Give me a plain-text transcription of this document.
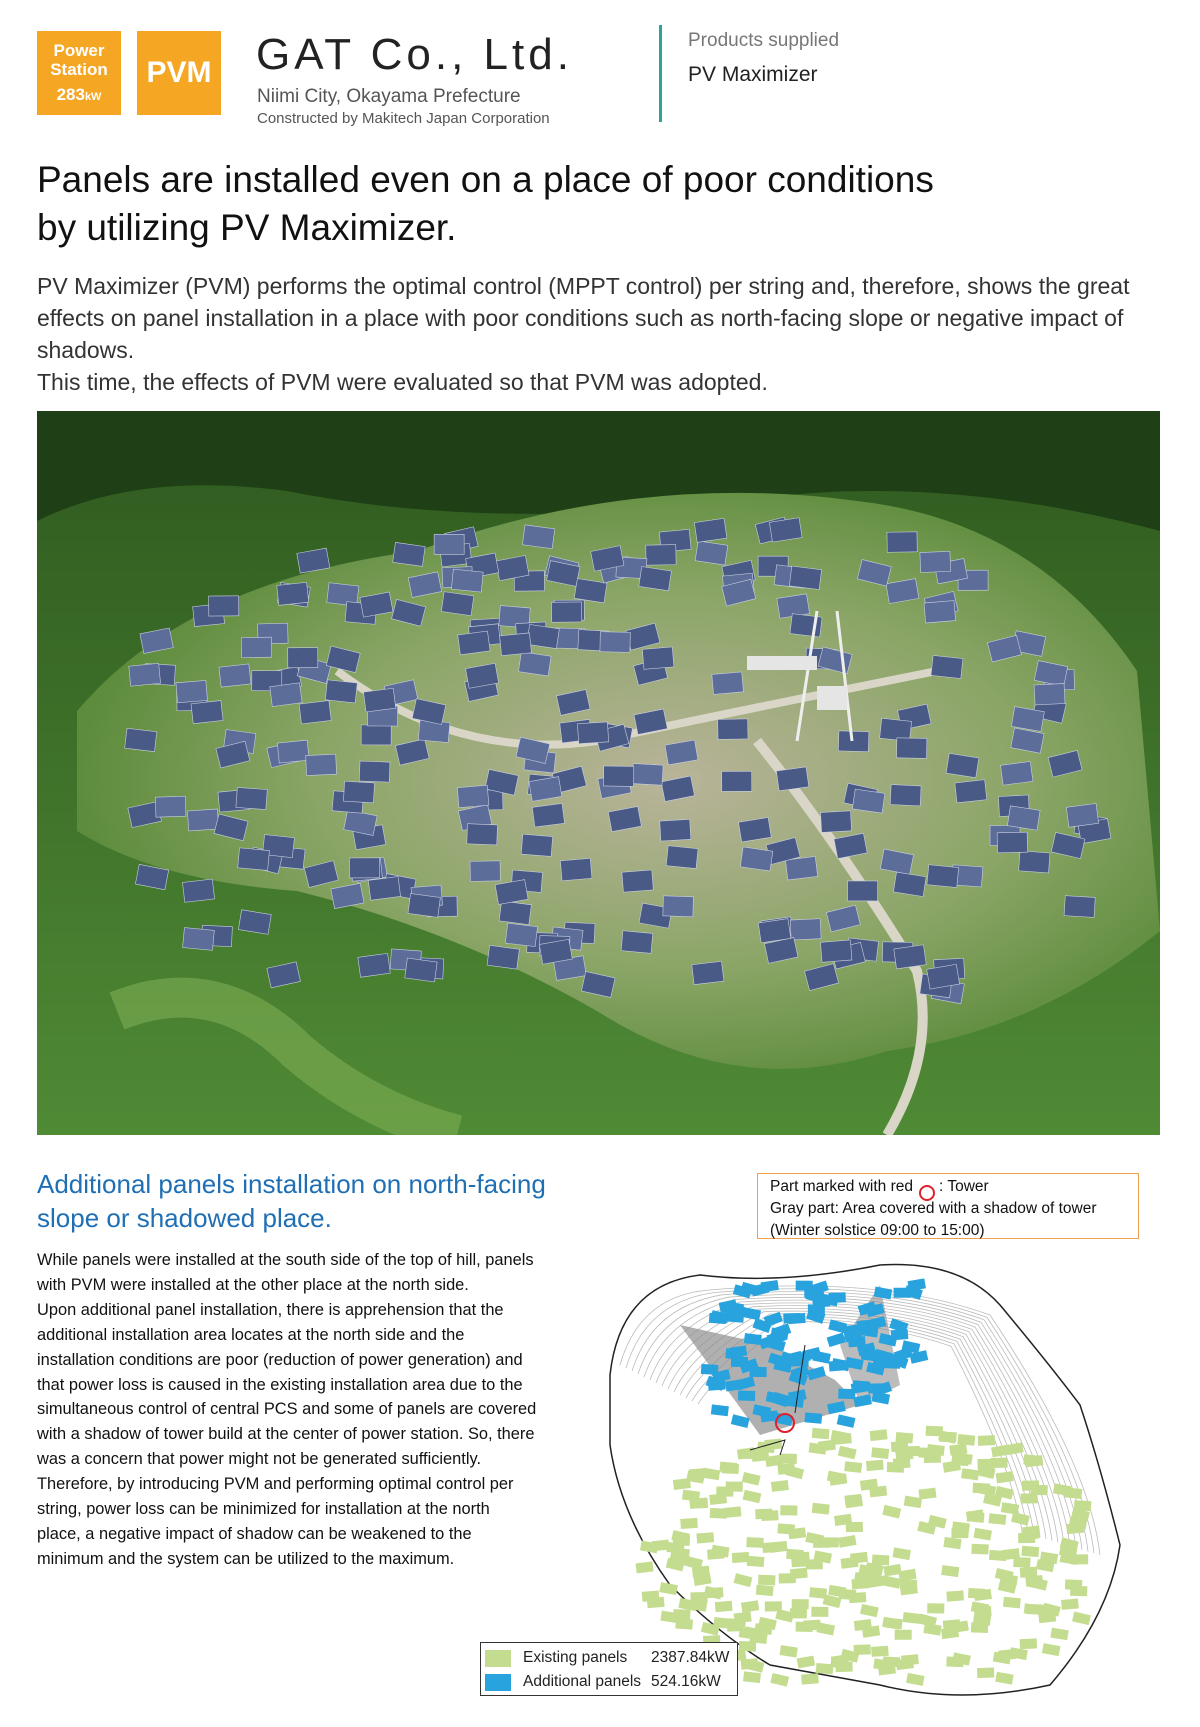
Power
Station
283kW
PVM GAT Co., Ltd.
Niimi City, Okayama Prefecture
Constructed by Makitech Japan Corporation
Products supplied
PV Maximizer
Panels are installed even on a place of poor conditions
by utilizing PV Maximizer.

PV Maximizer (PVM) performs the optimal control (MPPT control) per string and, therefore, shows the great effects on panel installation in a place with poor conditions such as north-facing slope or negative impact of shadows.

This time, the effects of PVM were evaluated so that PVM was adopted.

Additional panels installation on north-facing slope or shadowed place.

While panels were installed at the south side of the top of hill, panels with PVM were installed at the other place at the north side.

Upon additional panel installation, there is apprehension that the additional installation area locates at the north side and the installation conditions are poor (reduction of power generation) and that power loss is caused in the existing installation area due to the simultaneous control of central PCS and some of panels are covered with a shadow of tower build at the center of power station. So, there was a concern that power might not be generated sufficiently.

Therefore, by introducing PVM and performing optimal control per string, power loss can be minimized for installation at the north place, a negative impact of shadow can be weakened to the minimum and the system can be utilized to the maximum.

Part marked with red : Tower
Gray part: Area covered with a shadow of tower
(Winter solstice 09:00 to 15:00)
Existing panels	2387.84kW
Additional panels 524.16kW
